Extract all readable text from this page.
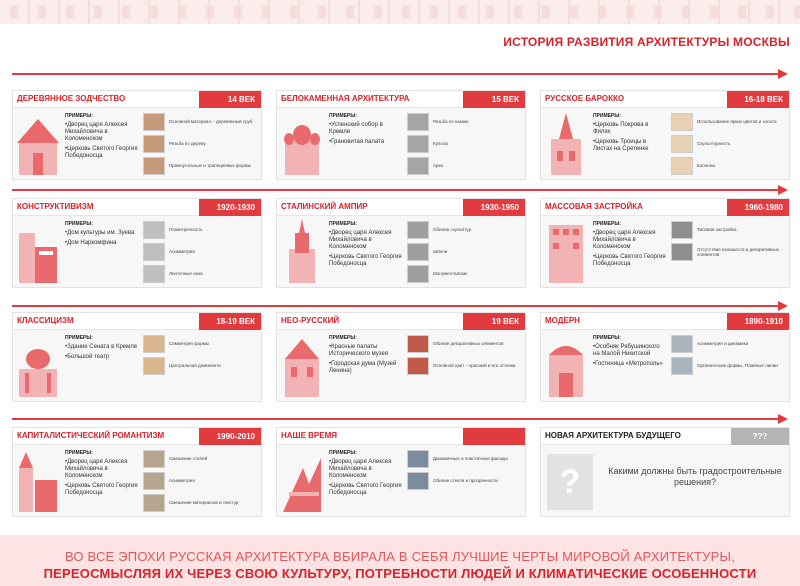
ИСТОРИЯ РАЗВИТИЯ АРХИТЕКТУРЫ МОСКВЫ
ДЕРЕВЯННОЕ ЗОДЧЕСТВО	14 ВЕК
ПРИМЕРЫ:
•Дворец царя Алексея Михайловича в Коломенском
•Церковь Святого Георгия Победоносца
Основной материал – деревянный сруб
Резьба по дереву
Прямоугольные и трапециевые формы
БЕЛОКАМЕННАЯ АРХИТЕКТУРА	15 ВЕК
ПРИМЕРЫ:
•Успенский собор в Кремле
•Грановитая палата
Резьба по камню
Купола
Арки
РУССКОЕ БАРОККО	16-18 ВЕК
ПРИМЕРЫ:
•Церковь Покрова в Филях
•Церковь Троицы в Листах на Сретенке
Использование ярких цветов и золота
Скульптурность
Колонны
КОНСТРУКТИВИЗМ	1920-1930
ПРИМЕРЫ:
•Дом культуры им. Зуева
•Дом Наркомфина
Геометричность
Асимметрия
Ленточные окна
СТАЛИНСКИЙ АМПИР	1930-1950
ПРИМЕРЫ:
•Дворец царя Алексея Михайловича в Коломенском
•Церковь Святого Георгия Победоносца
Обилие скульптур
Шпили
Монументализм
МАССОВАЯ ЗАСТРОЙКА	1960-1980
ПРИМЕРЫ:
•Дворец царя Алексея Михайловича в Коломенском
•Церковь Святого Георгия Победоносца
Типовая застройка
Отсутствие излишеств и декоративных элементов
КЛАССИЦИЗМ	18-19 ВЕК
ПРИМЕРЫ:
•Здание Сената в Кремле
•Большой театр
Симметрия формы
Центральная доминанта
НЕО-РУССКИЙ	19 ВЕК
ПРИМЕРЫ:
•Красные палаты Исторического музея
•Городская дума (Музей Ленина)
Обилие декоративных элементов
Основной цвет – красный и его оттенки
МОДЕРН	1890-1910
ПРИМЕРЫ:
•Особняк Рябушинского на Малой Никитской
•Гостиница «Метрополь»
Асимметрия и динамика
Органические формы, Плавные линии
КАПИТАЛИСТИЧЕСКИЙ РОМАНТИЗМ	1990-2010
ПРИМЕРЫ:
•Дворец царя Алексея Михайловича в Коломенском
•Церковь Святого Георгия Победоносца
Смешение стилей
Асимметрия
Смешение материалов и текстур
НАШЕ ВРЕМЯ
ПРИМЕРЫ:
•Дворец царя Алексея Михайловича в Коломенском
•Церковь Святого Георгия Победоносца
Динамичные и пластичные фасады
Обилие стекла и прозрачности
НОВАЯ АРХИТЕКТУРА БУДУЩЕГО	???
?	Какими должны быть градостроительные решения?
ВО ВСЕ ЭПОХИ РУССКАЯ АРХИТЕКТУРА ВБИРАЛА В СЕБЯ ЛУЧШИЕ ЧЕРТЫ МИРОВОЙ АРХИТЕКТУРЫ,
ПЕРЕОСМЫСЛЯЯ ИХ ЧЕРЕЗ СВОЮ КУЛЬТУРУ, ПОТРЕБНОСТИ ЛЮДЕЙ И КЛИМАТИЧЕСКИЕ ОСОБЕННОСТИ
